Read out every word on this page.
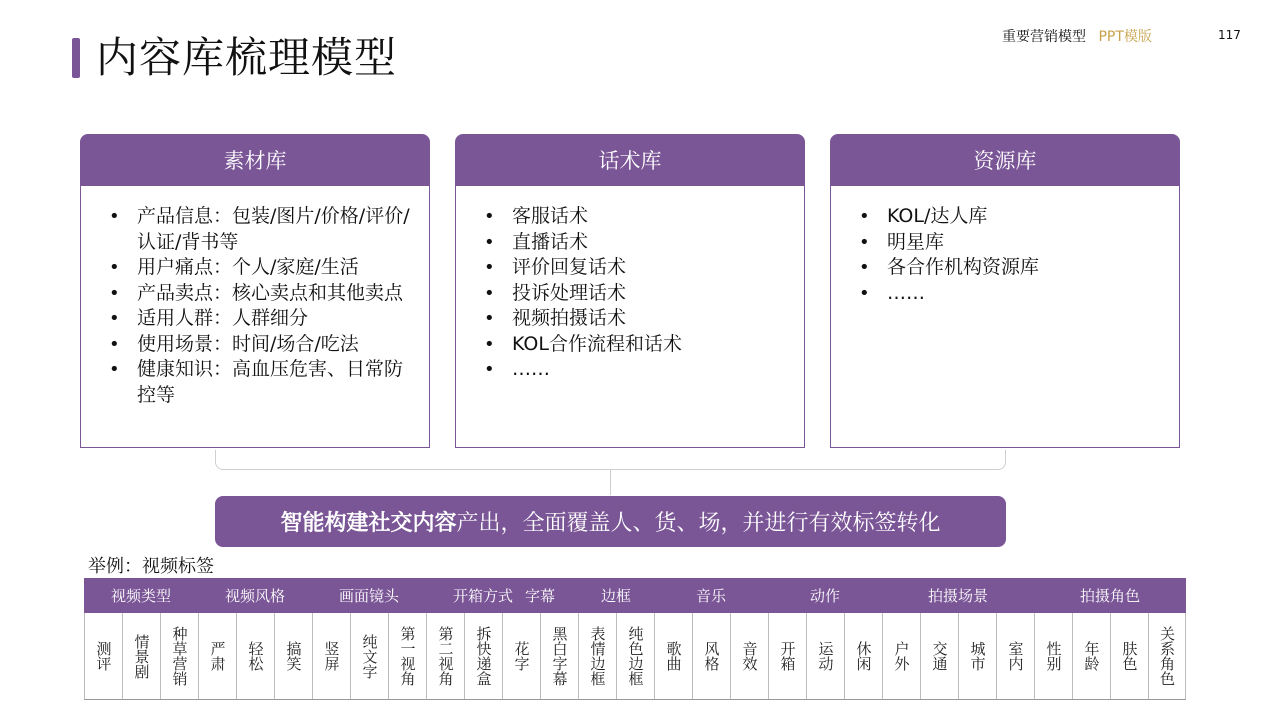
内容库梳理模型	重要营销模型 PPT模版	117
素材库
• 产品信息：包装/图片/价格/评价/认证/背书等
• 用户痛点：个人/家庭/生活
• 产品卖点：核心卖点和其他卖点
• 适用人群：人群细分
• 使用场景：时间/场合/吃法
• 健康知识：高血压危害、日常防控等
话术库
• 客服话术
• 直播话术
• 评价回复话术
• 投诉处理话术
• 视频拍摄话术
• KOL合作流程和话术
• ……
资源库
• KOL/达人库
• 明星库
• 各合作机构资源库
• ……
智能构建社交内容 产出，全面覆盖人、货、场，并进行有效标签转化
举例：视频标签
视频类型	视频风格	画面镜头	开箱方式 字幕	边框	音乐	动作	拍摄场景	拍摄角色
测评	情景剧	种草营销	严肃	轻松	搞笑	竖屏	纯文字	第一视角	第二视角	拆快递盒	花字	黑白字幕	表情边框	纯色边框	歌曲	风格	音效	开箱	运动	休闲	户外	交通	城市	室内	性别	年龄	肤色	关系角色
